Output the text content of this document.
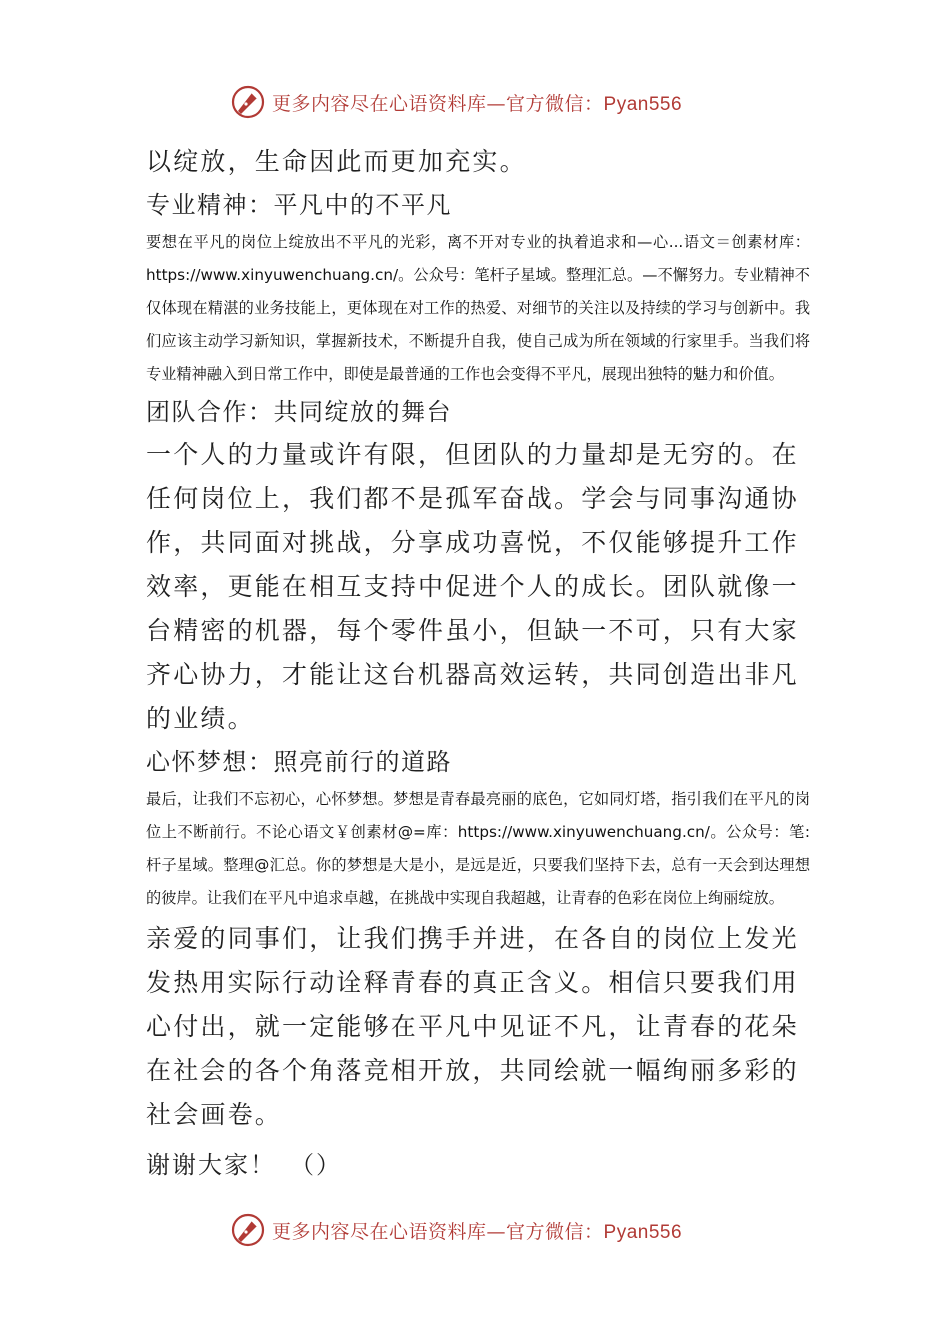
更多内容尽在心语资料库—官方微信：Pyan556

以绽放，生命因此而更加充实。

专业精神：平凡中的不平凡

要想在平凡的岗位上绽放出不平凡的光彩，离不开对专业的执着追求和—心...语文＝创素材库：https://www.xinyuwenchuang.cn/。公众号：笔杆子星域。整理汇总。—不懈努力。专业精神不仅体现在精湛的业务技能上，更体现在对工作的热爱、对细节的关注以及持续的学习与创新中。我们应该主动学习新知识，掌握新技术，不断提升自我，使自己成为所在领域的行家里手。当我们将专业精神融入到日常工作中，即使是最普通的工作也会变得不平凡，展现出独特的魅力和价值。

团队合作：共同绽放的舞台

一个人的力量或许有限，但团队的力量却是无穷的。在任何岗位上，我们都不是孤军奋战。学会与同事沟通协作，共同面对挑战，分享成功喜悦，不仅能够提升工作效率，更能在相互支持中促进个人的成长。团队就像一台精密的机器，每个零件虽小，但缺一不可，只有大家齐心协力，才能让这台机器高效运转，共同创造出非凡的业绩。

心怀梦想：照亮前行的道路

最后，让我们不忘初心，心怀梦想。梦想是青春最亮丽的底色，它如同灯塔，指引我们在平凡的岗位上不断前行。不论心语文￥创素材@=库：https://www.xinyuwenchuang.cn/。公众号：笔:杆子星域。整理@汇总。你的梦想是大是小，是远是近，只要我们坚持下去，总有一天会到达理想的彼岸。让我们在平凡中追求卓越，在挑战中实现自我超越，让青春的色彩在岗位上绚丽绽放。

亲爱的同事们，让我们携手并进，在各自的岗位上发光发热用实际行动诠释青春的真正含义。相信只要我们用心付出，就一定能够在平凡中见证不凡，让青春的花朵在社会的各个角落竞相开放，共同绘就一幅绚丽多彩的社会画卷。

谢谢大家！　（）

更多内容尽在心语资料库—官方微信：Pyan556
